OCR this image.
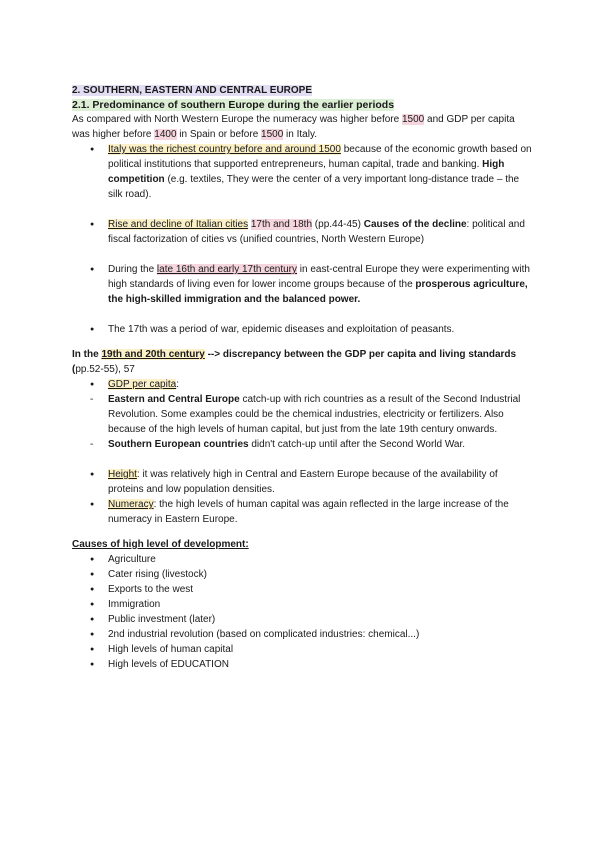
2. SOUTHERN, EASTERN AND CENTRAL EUROPE

2.1. Predominance of southern Europe during the earlier periods

As compared with North Western Europe the numeracy was higher before 1500 and GDP per capita was higher before 1400 in Spain or before 1500 in Italy.

● Italy was the richest country before and around 1500 because of the economic growth based on political institutions that supported entrepreneurs, human capital, trade and banking. High competition (e.g. textiles, They were the center of a very important long-distance trade – the silk road).
● Rise and decline of Italian cities 17th and 18th (pp.44-45) Causes of the decline: political and fiscal factorization of cities vs (unified countries, North Western Europe)
● During the late 16th and early 17th century in east-central Europe they were experimenting with high standards of living even for lower income groups because of the prosperous agriculture, the high-skilled immigration and the balanced power.
● The 17th was a period of war, epidemic diseases and exploitation of peasants.

In the 19th and 20th century --> discrepancy between the GDP per capita and living standards (pp.52-55), 57

● GDP per capita:
- Eastern and Central Europe catch-up with rich countries as a result of the Second Industrial Revolution. Some examples could be the chemical industries, electricity or fertilizers. Also because of the high levels of human capital, but just from the late 19th century onwards.
- Southern European countries didn't catch-up until after the Second World War.
● Height: it was relatively high in Central and Eastern Europe because of the availability of proteins and low population densities.
● Numeracy: the high levels of human capital was again reflected in the large increase of the numeracy in Eastern Europe.

Causes of high level of development:

● Agriculture
● Cater rising (livestock)
● Exports to the west
● Immigration
● Public investment (later)
● 2nd industrial revolution (based on complicated industries: chemical...)
● High levels of human capital
● High levels of EDUCATION
